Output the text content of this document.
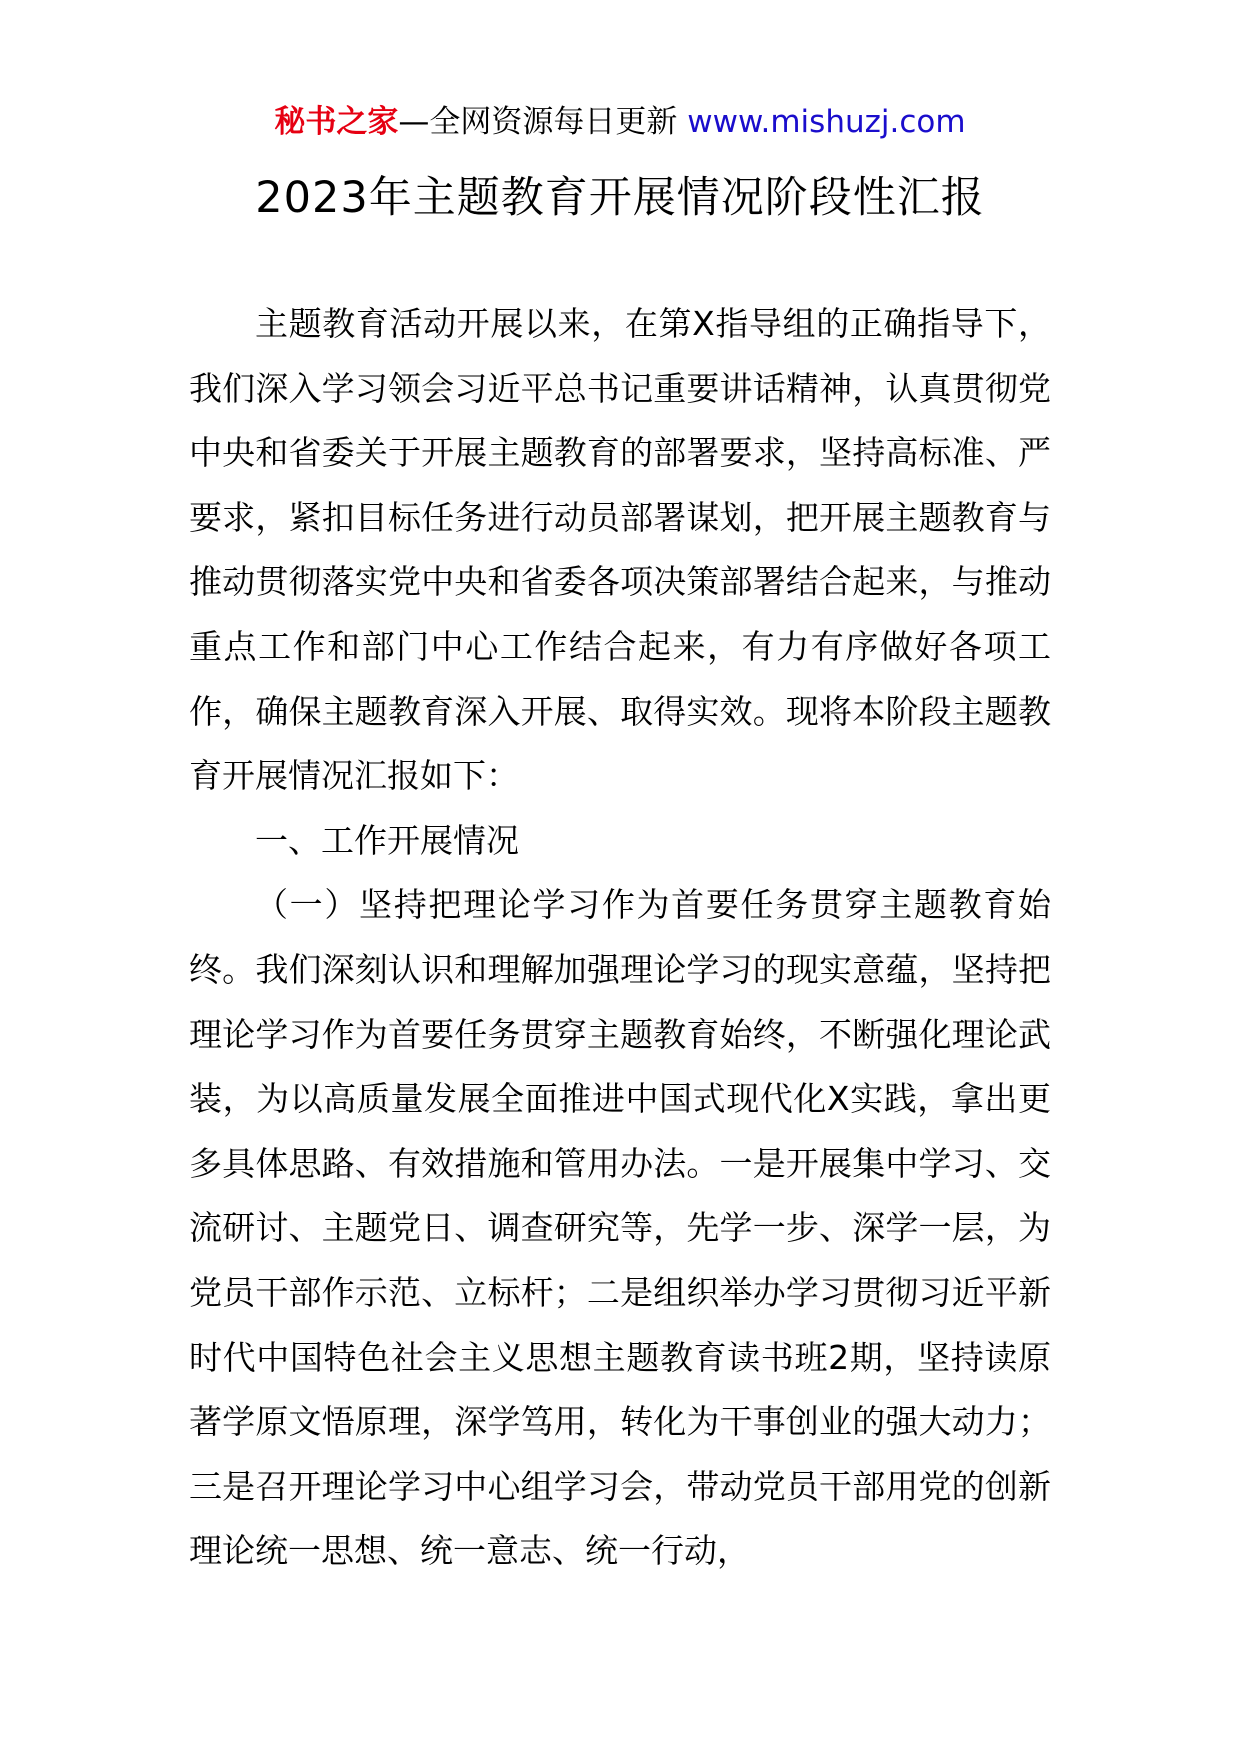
秘书之家—全网资源每日更新 www.mishuzj.com
2023年主题教育开展情况阶段性汇报

主题教育活动开展以来，在第X指导组的正确指导下，我们深入学习领会习近平总书记重要讲话精神，认真贯彻党中央和省委关于开展主题教育的部署要求，坚持高标准、严要求，紧扣目标任务进行动员部署谋划，把开展主题教育与推动贯彻落实党中央和省委各项决策部署结合起来，与推动重点工作和部门中心工作结合起来，有力有序做好各项工作，确保主题教育深入开展、取得实效。现将本阶段主题教育开展情况汇报如下：

一、工作开展情况

（一）坚持把理论学习作为首要任务贯穿主题教育始终。我们深刻认识和理解加强理论学习的现实意蕴，坚持把理论学习作为首要任务贯穿主题教育始终，不断强化理论武装，为以高质量发展全面推进中国式现代化X实践，拿出更多具体思路、有效措施和管用办法。一是开展集中学习、交流研讨、主题党日、调查研究等，先学一步、深学一层，为党员干部作示范、立标杆；二是组织举办学习贯彻习近平新时代中国特色社会主义思想主题教育读书班2期，坚持读原著学原文悟原理，深学笃用，转化为干事创业的强大动力；三是召开理论学习中心组学习会，带动党员干部用党的创新理论统一思想、统一意志、统一行动，
